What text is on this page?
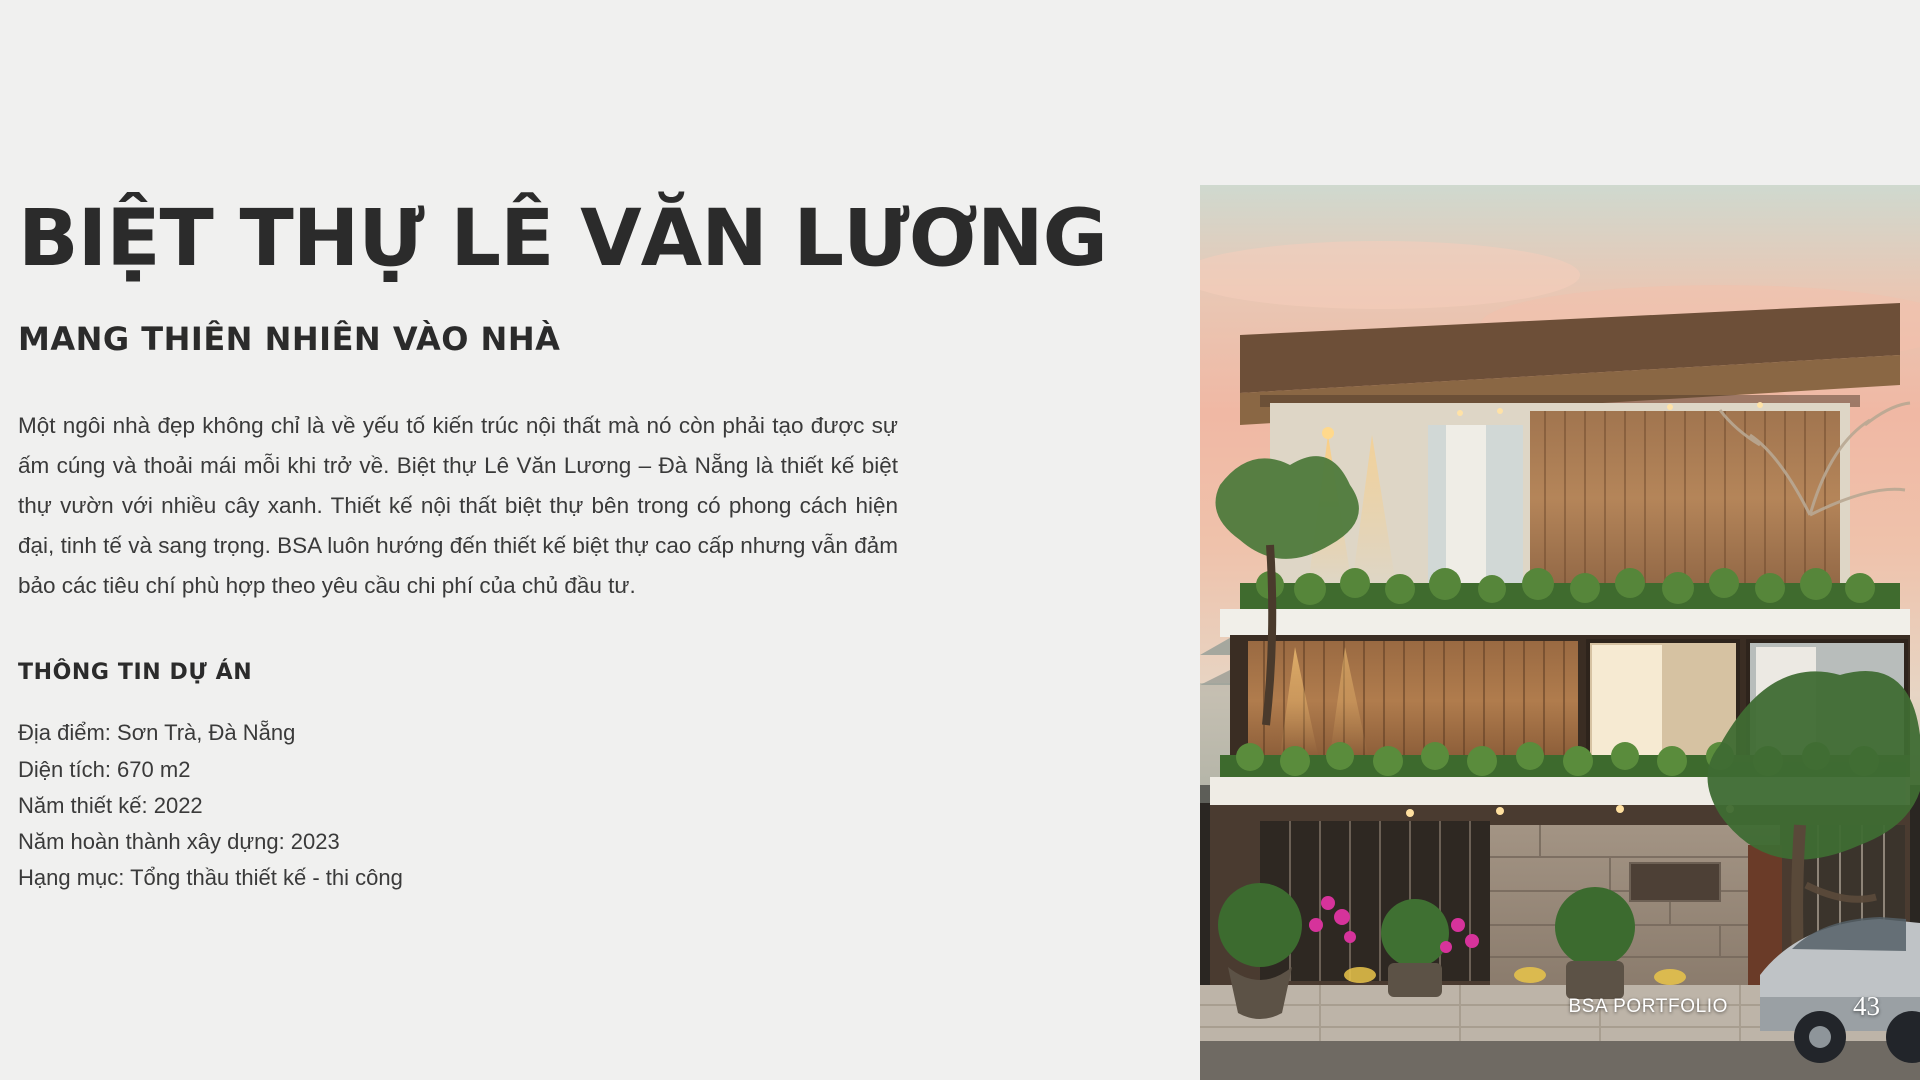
BIỆT THỰ LÊ VĂN LƯƠNG
MANG THIÊN NHIÊN VÀO NHÀ

Một ngôi nhà đẹp không chỉ là về yếu tố kiến trúc nội thất mà nó còn phải tạo được sự ấm cúng và thoải mái mỗi khi trở về. Biệt thự Lê Văn Lương – Đà Nẵng là thiết kế biệt thự vườn với nhiều cây xanh. Thiết kế nội thất biệt thự bên trong có phong cách hiện đại, tinh tế và sang trọng. BSA luôn hướng đến thiết kế biệt thự cao cấp nhưng vẫn đảm bảo các tiêu chí phù hợp theo yêu cầu chi phí của chủ đầu tư.

THÔNG TIN DỰ ÁN
Địa điểm: Sơn Trà, Đà Nẵng
Diện tích: 670 m2
Năm thiết kế: 2022
Năm hoàn thành xây dựng: 2023
Hạng mục: Tổng thầu thiết kế - thi công
BSA PORTFOLIO	43
